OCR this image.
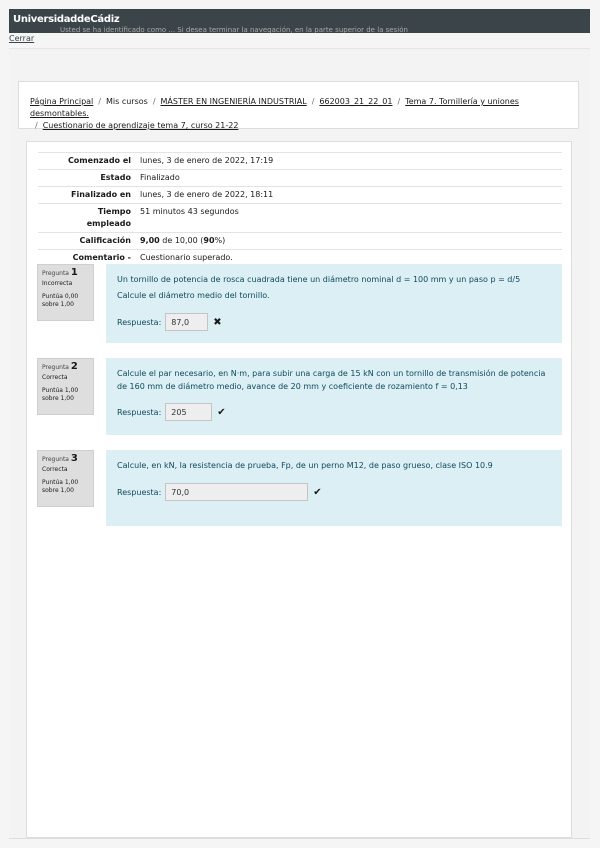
UniversidaddeCádiz
Usted se ha identificado como ... Si desea terminar la navegación, en la parte superior de la sesión
Cerrar
Página Principal / Mis cursos / MÁSTER EN INGENIERÍA INDUSTRIAL / 662003_21_22_01 / Tema 7. Tornillería y uniones desmontables.
/ Cuestionario de aprendizaje tema 7, curso 21-22
Comenzado el	lunes, 3 de enero de 2022, 17:19
Estado	Finalizado
Finalizado en	lunes, 3 de enero de 2022, 18:11
Tiempo empleado	51 minutos 43 segundos
Calificación	9,00 de 10,00 (90%)
Comentario -	Cuestionario superado.
Pregunta 1
Incorrecta
Puntúa 0,00 sobre 1,00

Un tornillo de potencia de rosca cuadrada tiene un diámetro nominal d = 100 mm y un paso p = d/5

Calcule el diámetro medio del tornillo.

Respuesta:	87,0	✖
Pregunta 2
Correcta
Puntúa 1,00 sobre 1,00

Calcule el par necesario, en N·m, para subir una carga de 15 kN con un tornillo de transmisión de potencia de 160 mm de diámetro medio, avance de 20 mm y coeficiente de rozamiento f = 0,13

Respuesta:	205	✔
Pregunta 3
Correcta
Puntúa 1,00 sobre 1,00

Calcule, en kN, la resistencia de prueba, Fp, de un perno M12, de paso grueso, clase ISO 10.9

Respuesta:	70,0	✔
